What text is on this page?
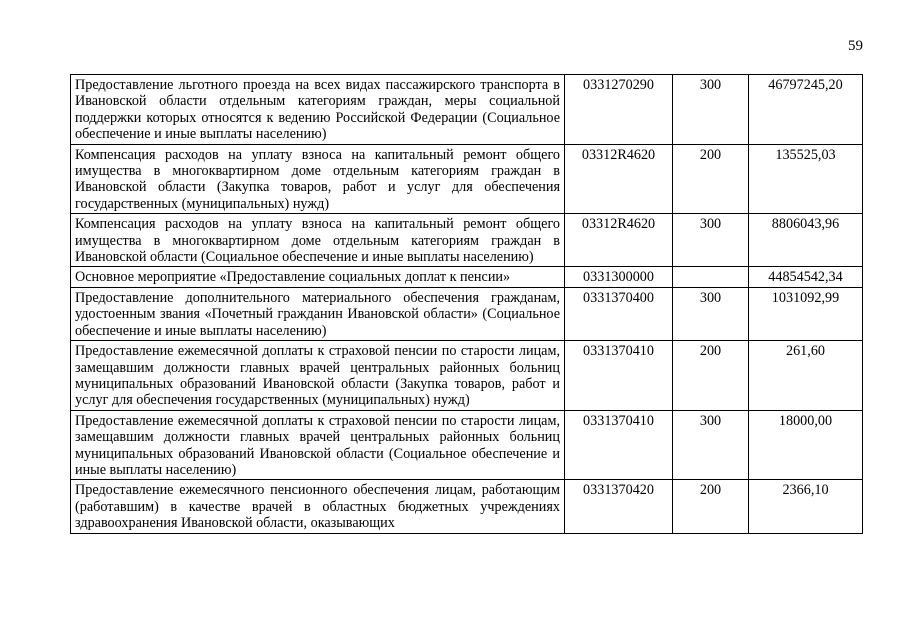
59
Предоставление льготного проезда на всех видах пассажирского транспорта в Ивановской области отдельным категориям граждан, меры социальной поддержки которых относятся к ведению Российской Федерации (Социальное обеспечение и иные выплаты населению)	0331270290	300	46797245,20
Компенсация расходов на уплату взноса на капитальный ремонт общего имущества в многоквартирном доме отдельным категориям граждан в Ивановской области (Закупка товаров, работ и услуг для обеспечения государственных (муниципальных) нужд)	03312R4620	200	135525,03
Компенсация расходов на уплату взноса на капитальный ремонт общего имущества в многоквартирном доме отдельным категориям граждан в Ивановской области (Социальное обеспечение и иные выплаты населению)	03312R4620	300	8806043,96
Основное мероприятие «Предоставление социальных доплат к пенсии»	0331300000		44854542,34
Предоставление дополнительного материального обеспечения гражданам, удостоенным звания «Почетный гражданин Ивановской области» (Социальное обеспечение и иные выплаты населению)	0331370400	300	1031092,99
Предоставление ежемесячной доплаты к страховой пенсии по старости лицам, замещавшим должности главных врачей центральных районных больниц муниципальных образований Ивановской области (Закупка товаров, работ и услуг для обеспечения государственных (муниципальных) нужд)	0331370410	200	261,60
Предоставление ежемесячной доплаты к страховой пенсии по старости лицам, замещавшим должности главных врачей центральных районных больниц муниципальных образований Ивановской области (Социальное обеспечение и иные выплаты населению)	0331370410	300	18000,00
Предоставление ежемесячного пенсионного обеспечения лицам, работающим (работавшим) в качестве врачей в областных бюджетных учреждениях здравоохранения Ивановской области, оказывающих	0331370420	200	2366,10
